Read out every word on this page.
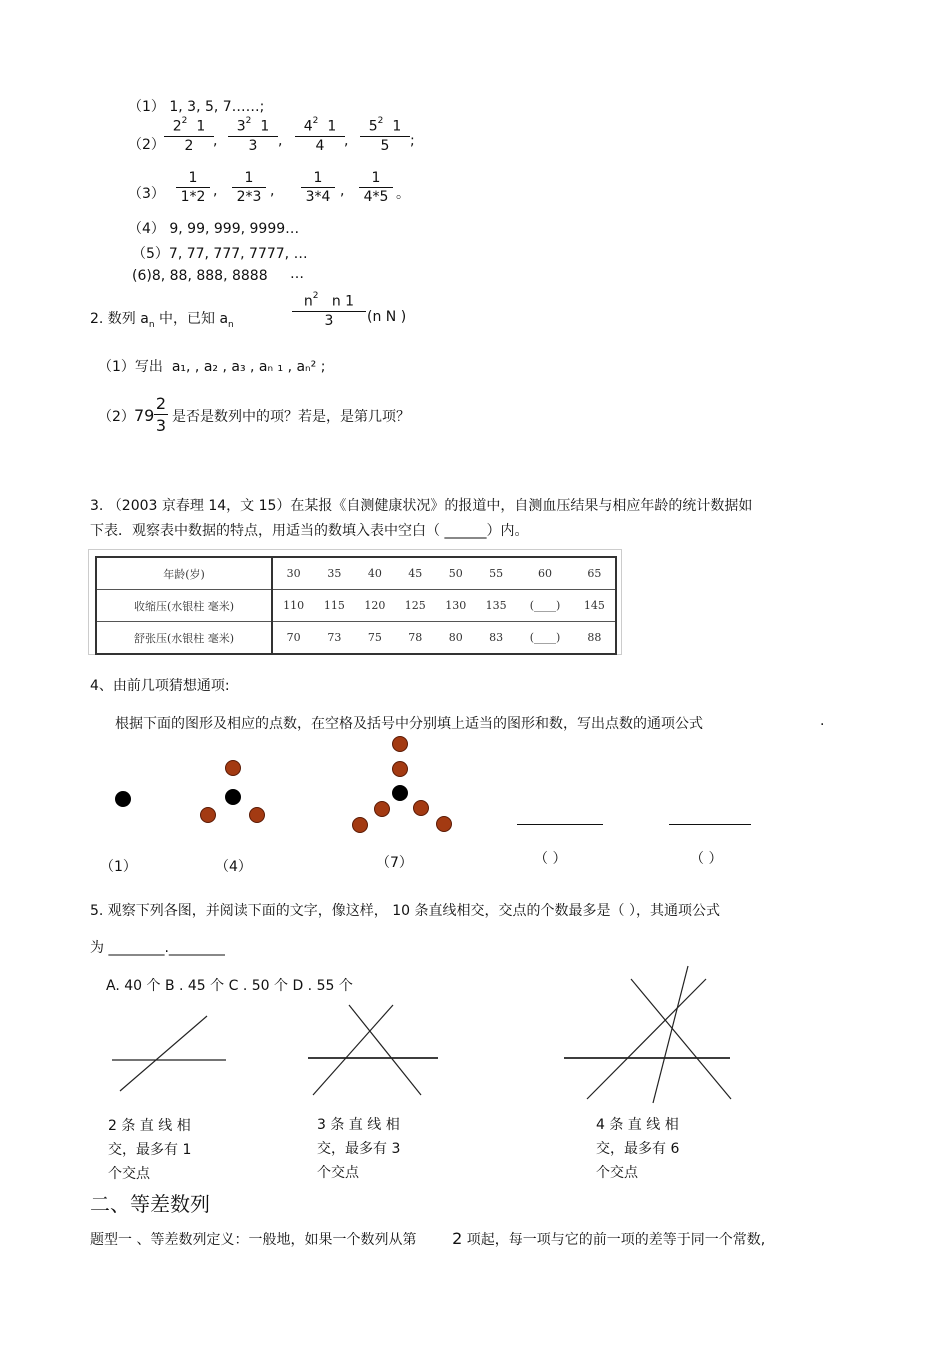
（1） 1, 3, 5, 7……;
（2）
$2^2$ 1
2	,
$3^2$ 1
3	,
$4^2$ 1
4	,
$5^2$ 1
5	;
（3）
1
1*2 ,
1
2*3 ,
1
3*4 ,
1
4*5 。
（4） 9, 99, 999, 9999…
（5）7, 77, 777, 7777, …
(6)8, 88, 888, 8888 …
2. 数列 $a_n$ 中，已知 $a_n$
$n^2$ n 1
3	(n N )
（1）写出 a₁, , a₂ , a₃ , aₙ ₁ , aₙ² ;
（2） 79
2
3 是否是数列中的项？若是，是第几项？
3. （2003 京春理 14，文 15）在某报《自测健康状况》的报道中，自测血压结果与相应年龄的统计数据如
下表．观察表中数据的特点，用适当的数填入表中空白（ ______）内。
年龄(岁)	30	35	40	45	50	55	60	65
收缩压(水银柱 毫米)	110	115	120	125	130	135	(____)	145
舒张压(水银柱 毫米)	70	73	75	78	80	83	(____)	88
4、由前几项猜想通项:
根据下面的图形及相应的点数，在空格及括号中分别填上适当的图形和数，写出点数的通项公式	.
（1）	（4）	（7）	（ ）	（ ）
5. 观察下列各图，并阅读下面的文字，像这样， 10 条直线相交，交点的个数最多是（ ），其通项公式
为 ________.________
A. 40 个 B . 45 个 C . 50 个 D . 55 个
2 条 直 线 相
交，最多有 1
个交点
3 条 直 线 相
交，最多有 3
个交点
4 条 直 线 相
交，最多有 6
个交点
二、等差数列
题型一 、等差数列定义：一般地，如果一个数列从第 2 项起，每一项与它的前一项的差等于同一个常数,
